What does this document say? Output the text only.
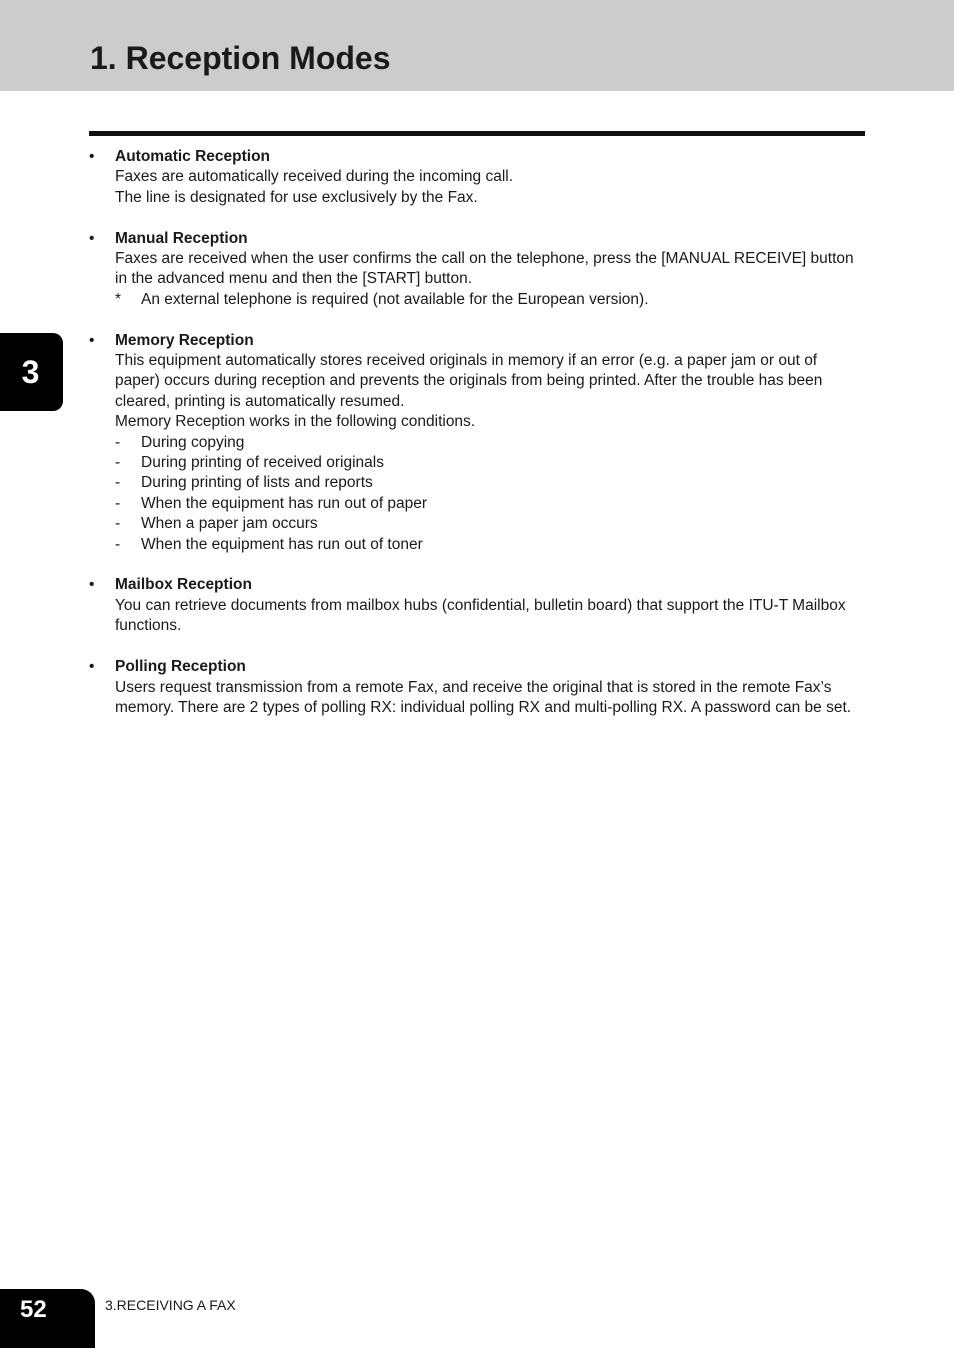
1. Reception Modes
• Automatic Reception

Faxes are automatically received during the incoming call.

The line is designated for use exclusively by the Fax.

• Manual Reception

Faxes are received when the user confirms the call on the telephone, press the [MANUAL RECEIVE] button in the advanced menu and then the [START] button.

* An external telephone is required (not available for the European version).
• Memory Reception

This equipment automatically stores received originals in memory if an error (e.g. a paper jam or out of paper) occurs during reception and prevents the originals from being printed. After the trouble has been cleared, printing is automatically resumed.

Memory Reception works in the following conditions.

- During copying
- During printing of received originals
- During printing of lists and reports
- When the equipment has run out of paper
- When a paper jam occurs
- When the equipment has run out of toner
• Mailbox Reception

You can retrieve documents from mailbox hubs (confidential, bulletin board) that support the ITU-T Mailbox functions.

• Polling Reception

Users request transmission from a remote Fax, and receive the original that is stored in the remote Fax’s memory. There are 2 types of polling RX: individual polling RX and multi-polling RX. A password can be set.

3
52	3.RECEIVING A FAX
